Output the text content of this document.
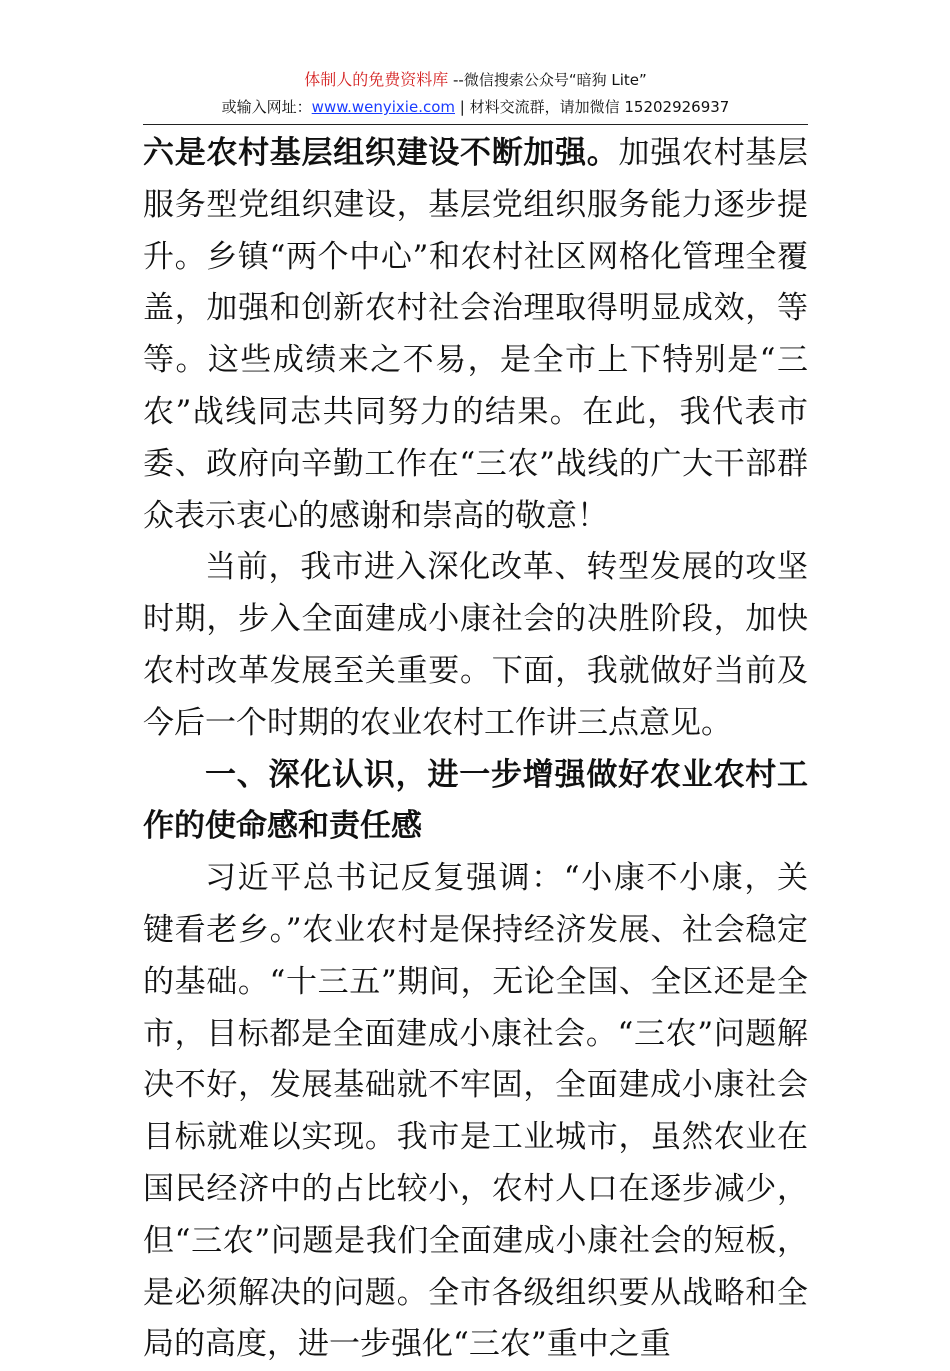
体制人的免费资料库 --微信搜索公众号“暗狗 Lite”
或输入网址：www.wenyixie.com | 材料交流群，请加微信 15202926937

六是农村基层组织建设不断加强。加强农村基层服务型党组织建设，基层党组织服务能力逐步提升。乡镇“两个中心”和农村社区网格化管理全覆盖，加强和创新农村社会治理取得明显成效，等等。这些成绩来之不易，是全市上下特别是“三农”战线同志共同努力的结果。在此，我代表市委、政府向辛勤工作在“三农”战线的广大干部群众表示衷心的感谢和崇高的敬意！

当前，我市进入深化改革、转型发展的攻坚时期，步入全面建成小康社会的决胜阶段，加快农村改革发展至关重要。下面，我就做好当前及今后一个时期的农业农村工作讲三点意见。

一、深化认识，进一步增强做好农业农村工作的使命感和责任感

习近平总书记反复强调：“小康不小康，关键看老乡。”农业农村是保持经济发展、社会稳定的基础。“十三五”期间，无论全国、全区还是全市，目标都是全面建成小康社会。“三农”问题解决不好，发展基础就不牢固，全面建成小康社会目标就难以实现。我市是工业城市，虽然农业在国民经济中的占比较小，农村人口在逐步减少，但“三农”问题是我们全面建成小康社会的短板，是必须解决的问题。全市各级组织要从战略和全局的高度，进一步强化“三农”重中之重
